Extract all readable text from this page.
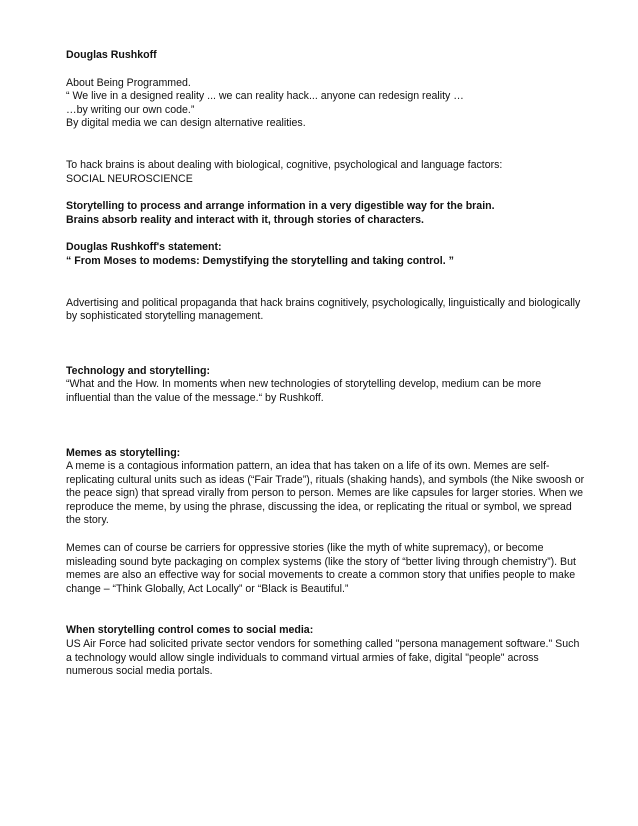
Douglas Rushkoff

About Being Programmed.

“ We live in a designed reality ... we can reality hack... anyone can redesign reality …

…by writing our own code.”

By digital media we can design alternative realities.

To hack brains is about dealing with biological, cognitive, psychological and language factors:

SOCIAL NEUROSCIENCE

Storytelling to process and arrange information in a very digestible way for the brain.

Brains absorb reality and interact with it, through stories of characters.

Douglas Rushkoff's statement:

“ From Moses to modems: Demystifying the storytelling and taking control. ”

Advertising and political propaganda that hack brains cognitively, psychologically, linguistically and biologically by sophisticated storytelling management.

Technology and storytelling:

“What and the How. In moments when new technologies of storytelling develop, medium can be more influential than the value of the message.“ by Rushkoff.

Memes as storytelling:

A meme is a contagious information pattern, an idea that has taken on a life of its own. Memes are self-replicating cultural units such as ideas (“Fair Trade”), rituals (shaking hands), and symbols (the Nike swoosh or the peace sign) that spread virally from person to person. Memes are like capsules for larger stories. When we reproduce the meme, by using the phrase, discussing the idea, or replicating the ritual or symbol, we spread the story.

Memes can of course be carriers for oppressive stories (like the myth of white supremacy), or become misleading sound byte packaging on complex systems (like the story of “better living through chemistry”). But memes are also an effective way for social movements to create a common story that unifies people to make change – “Think Globally, Act Locally” or “Black is Beautiful.”

When storytelling control comes to social media:

US Air Force had solicited private sector vendors for something called "persona management software." Such a technology would allow single individuals to command virtual armies of fake, digital "people" across numerous social media portals.
